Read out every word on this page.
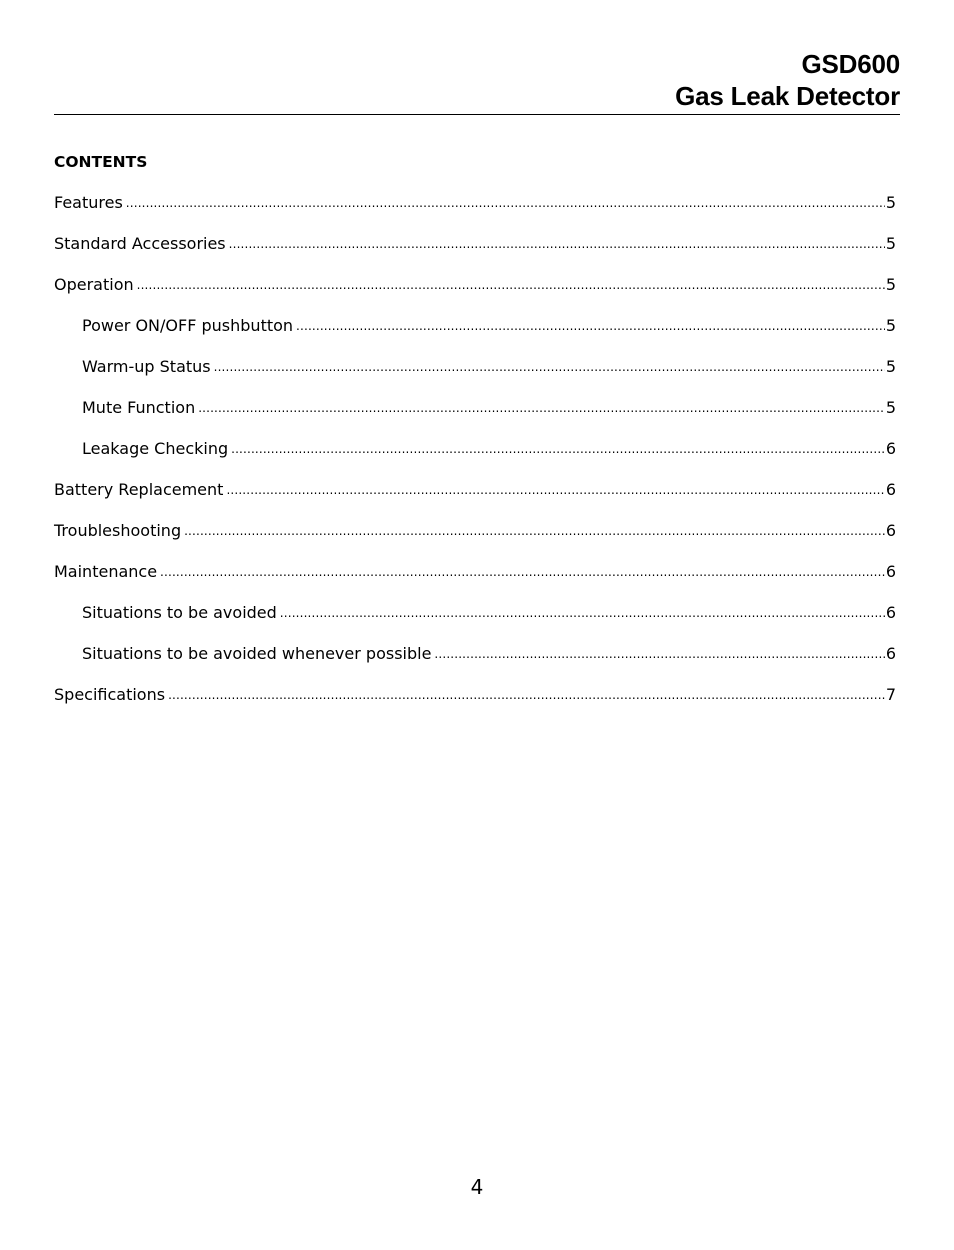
GSD600
Gas Leak Detector
CONTENTS
Features .....	5
Standard Accessories .....	5
Operation .....	5
Power ON/OFF pushbutton .....	5
Warm-up Status .....	5
Mute Function .....	5
Leakage Checking .....	6
Battery Replacement .....	6
Troubleshooting .....	6
Maintenance .....	6
Situations to be avoided .....	6
Situations to be avoided whenever possible .....	6
Specifications .....	7
4
